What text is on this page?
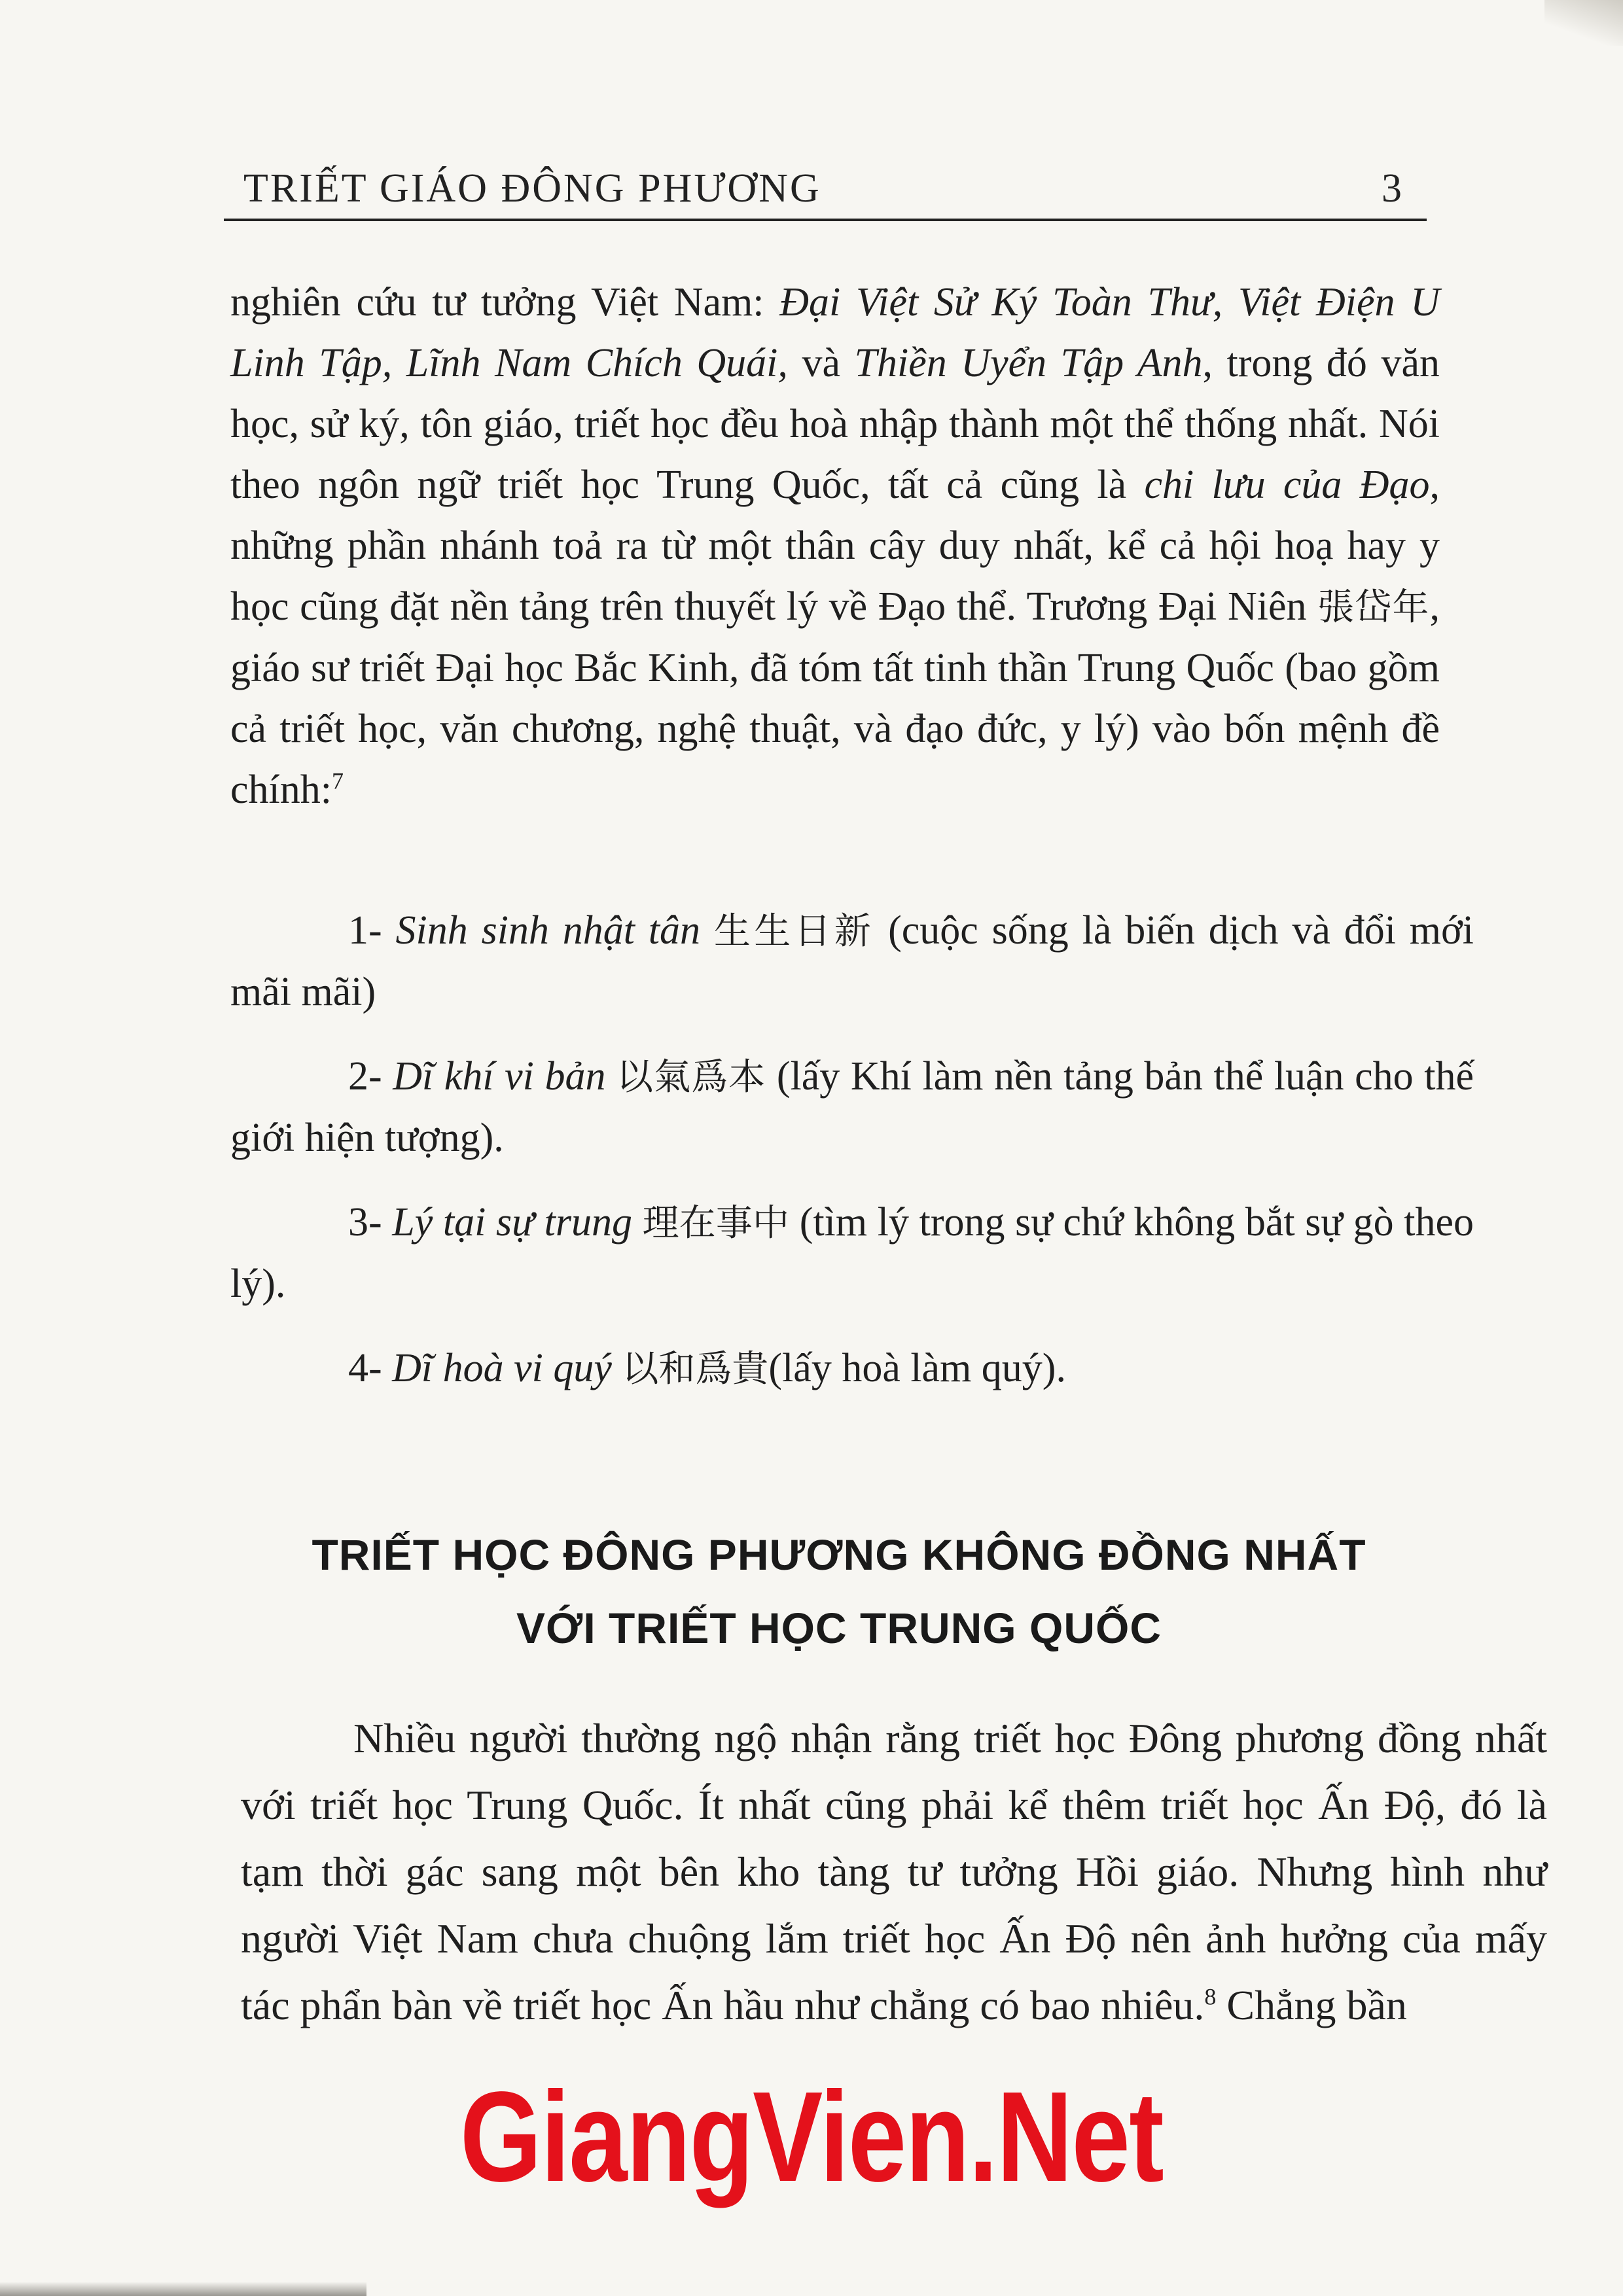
TRIẾT GIÁO ĐÔNG PHƯƠNG	3

nghiên cứu tư tưởng Việt Nam: Đại Việt Sử Ký Toàn Thư, Việt Điện U Linh Tập, Lĩnh Nam Chích Quái, và Thiền Uyển Tập Anh, trong đó văn học, sử ký, tôn giáo, triết học đều hoà nhập thành một thể thống nhất. Nói theo ngôn ngữ triết học Trung Quốc, tất cả cũng là chi lưu của Đạo, những phần nhánh toả ra từ một thân cây duy nhất, kể cả hội hoạ hay y học cũng đặt nền tảng trên thuyết lý về Đạo thể. Trương Đại Niên 張岱年, giáo sư triết Đại học Bắc Kinh, đã tóm tất tinh thần Trung Quốc (bao gồm cả triết học, văn chương, nghệ thuật, và đạo đức, y lý) vào bốn mệnh đề chính:$^7$

1- Sinh sinh nhật tân 生生日新 (cuộc sống là biến dịch và đổi mới mãi mãi)

2- Dĩ khí vi bản 以氣爲本 (lấy Khí làm nền tảng bản thể luận cho thế giới hiện tượng).

3- Lý tại sự trung 理在事中 (tìm lý trong sự chứ không bắt sự gò theo lý).

4- Dĩ hoà vi quý 以和爲貴(lấy hoà làm quý).

TRIẾT HỌC ĐÔNG PHƯƠNG KHÔNG ĐỒNG NHẤT
VỚI TRIẾT HỌC TRUNG QUỐC
Nhiều người thường ngộ nhận rằng triết học Đông phương đồng nhất với triết học Trung Quốc. Ít nhất cũng phải kể thêm triết học Ấn Độ, đó là tạm thời gác sang một bên kho tàng tư tưởng Hồi giáo. Nhưng hình như người Việt Nam chưa chuộng lắm triết học Ấn Độ nên ảnh hưởng của mấy tác phẩn bàn về triết học Ấn hầu như chẳng có bao nhiêu.$^8$ Chẳng bần
GiangVien.Net
